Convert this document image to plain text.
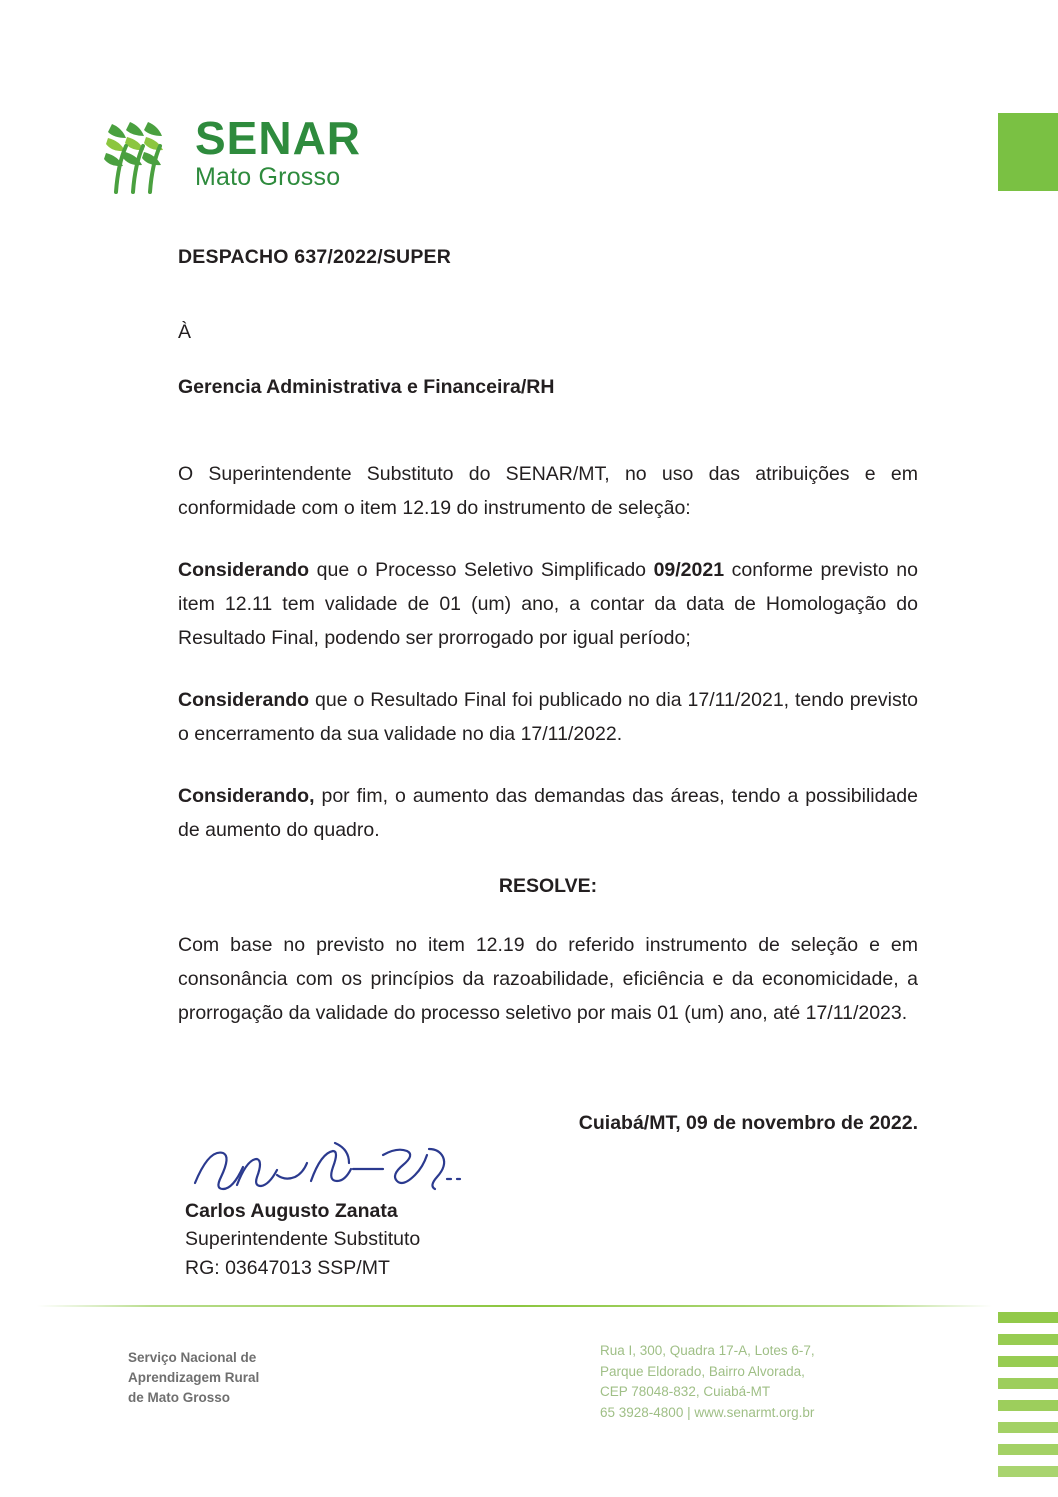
SENAR
Mato Grosso
DESPACHO 637/2022/SUPER
À
Gerencia Administrativa e Financeira/RH

O Superintendente Substituto do SENAR/MT, no uso das atribuições e em conformidade com o item 12.19 do instrumento de seleção:

Considerando que o Processo Seletivo Simplificado 09/2021 conforme previsto no item 12.11 tem validade de 01 (um) ano, a contar da data de Homologação do Resultado Final, podendo ser prorrogado por igual período;

Considerando que o Resultado Final foi publicado no dia 17/11/2021, tendo previsto o encerramento da sua validade no dia 17/11/2022.

Considerando, por fim, o aumento das demandas das áreas, tendo a possibilidade de aumento do quadro.

RESOLVE:

Com base no previsto no item 12.19 do referido instrumento de seleção e em consonância com os princípios da razoabilidade, eficiência e da economicidade, a prorrogação da validade do processo seletivo por mais 01 (um) ano, até 17/11/2023.

Cuiabá/MT, 09 de novembro de 2022.
Carlos Augusto Zanata
Superintendente Substituto
RG: 03647013 SSP/MT
Serviço Nacional de
Aprendizagem Rural
de Mato Grosso
Rua I, 300, Quadra 17-A, Lotes 6-7,
Parque Eldorado, Bairro Alvorada,
CEP 78048-832, Cuiabá-MT
65 3928-4800 | www.senarmt.org.br
